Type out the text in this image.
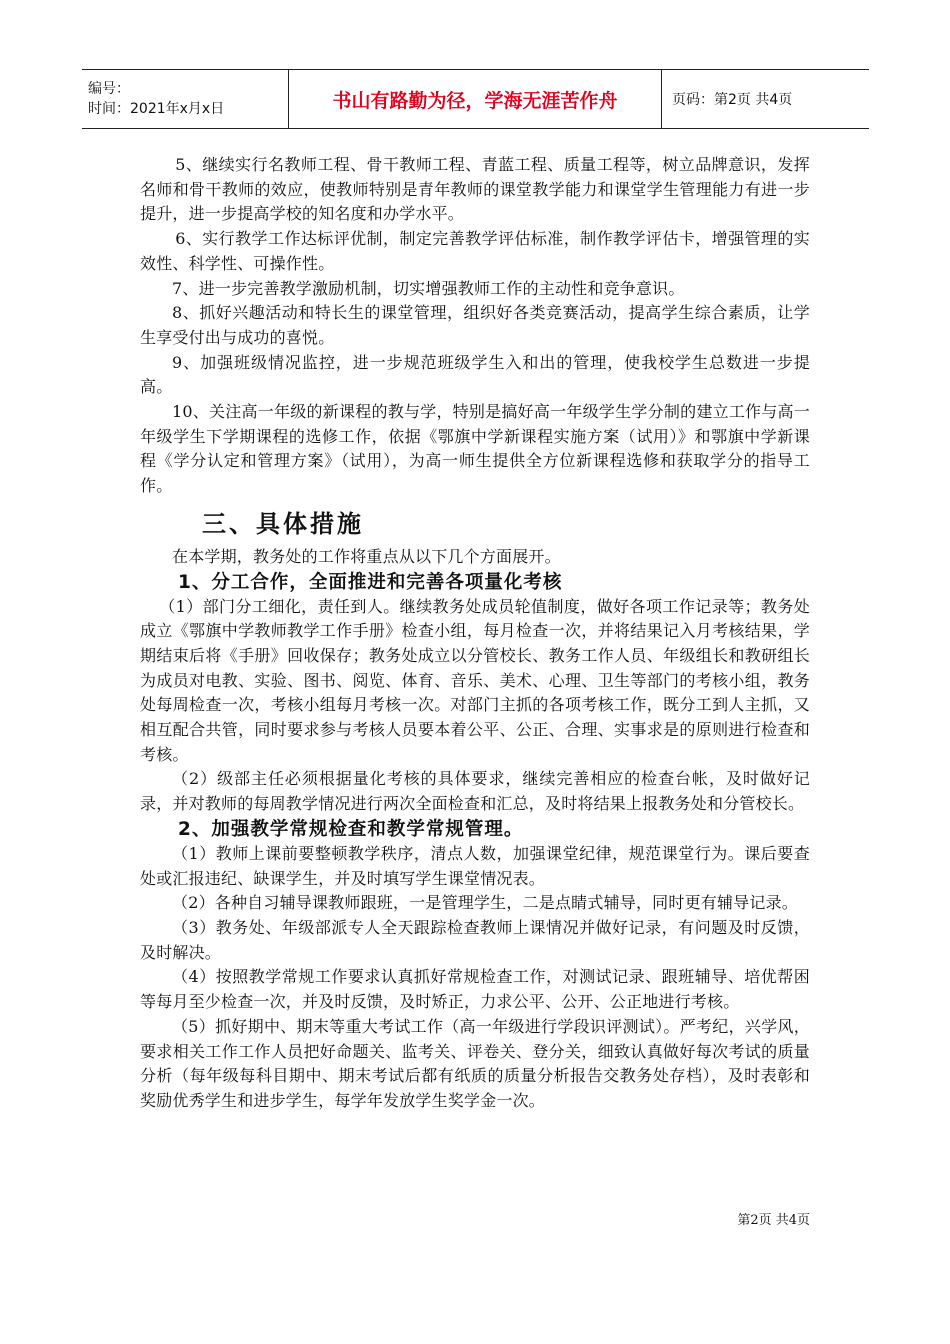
编号：
时间：2021年x月x日	书山有路勤为径，学海无涯苦作舟	页码：第2页 共4页

5、继续实行名教师工程、骨干教师工程、青蓝工程、质量工程等，树立品牌意识，发挥名师和骨干教师的效应，使教师特别是青年教师的课堂教学能力和课堂学生管理能力有进一步提升，进一步提高学校的知名度和办学水平。

6、实行教学工作达标评优制，制定完善教学评估标准，制作教学评估卡，增强管理的实效性、科学性、可操作性。

7、进一步完善教学激励机制，切实增强教师工作的主动性和竞争意识。

8、抓好兴趣活动和特长生的课堂管理，组织好各类竞赛活动，提高学生综合素质，让学生享受付出与成功的喜悦。

9、加强班级情况监控，进一步规范班级学生入和出的管理，使我校学生总数进一步提高。

10、关注高一年级的新课程的教与学，特别是搞好高一年级学生学分制的建立工作与高一年级学生下学期课程的选修工作，依据《鄂旗中学新课程实施方案（试用）》和鄂旗中学新课程《学分认定和管理方案》（试用），为高一师生提供全方位新课程选修和获取学分的指导工作。

三、具体措施

在本学期，教务处的工作将重点从以下几个方面展开。

1、分工合作，全面推进和完善各项量化考核

（1）部门分工细化，责任到人。继续教务处成员轮值制度，做好各项工作记录等；教务处成立《鄂旗中学教师教学工作手册》检查小组，每月检查一次，并将结果记入月考核结果，学期结束后将《手册》回收保存；教务处成立以分管校长、教务工作人员、年级组长和教研组长为成员对电教、实验、图书、阅览、体育、音乐、美术、心理、卫生等部门的考核小组，教务处每周检查一次，考核小组每月考核一次。对部门主抓的各项考核工作，既分工到人主抓，又相互配合共管，同时要求参与考核人员要本着公平、公正、合理、实事求是的原则进行检查和考核。

（2）级部主任必须根据量化考核的具体要求，继续完善相应的检查台帐，及时做好记录，并对教师的每周教学情况进行两次全面检查和汇总，及时将结果上报教务处和分管校长。

2、加强教学常规检查和教学常规管理。

（1）教师上课前要整顿教学秩序，清点人数，加强课堂纪律，规范课堂行为。课后要查处或汇报违纪、缺课学生，并及时填写学生课堂情况表。

（2）各种自习辅导课教师跟班，一是管理学生，二是点睛式辅导，同时更有辅导记录。

（3）教务处、年级部派专人全天跟踪检查教师上课情况并做好记录，有问题及时反馈，及时解决。

（4）按照教学常规工作要求认真抓好常规检查工作，对测试记录、跟班辅导、培优帮困等每月至少检查一次，并及时反馈，及时矫正，力求公平、公开、公正地进行考核。

（5）抓好期中、期末等重大考试工作（高一年级进行学段识评测试）。严考纪，兴学风，要求相关工作工作人员把好命题关、监考关、评卷关、登分关，细致认真做好每次考试的质量分析（每年级每科目期中、期末考试后都有纸质的质量分析报告交教务处存档），及时表彰和奖励优秀学生和进步学生，每学年发放学生奖学金一次。

第2页 共4页
